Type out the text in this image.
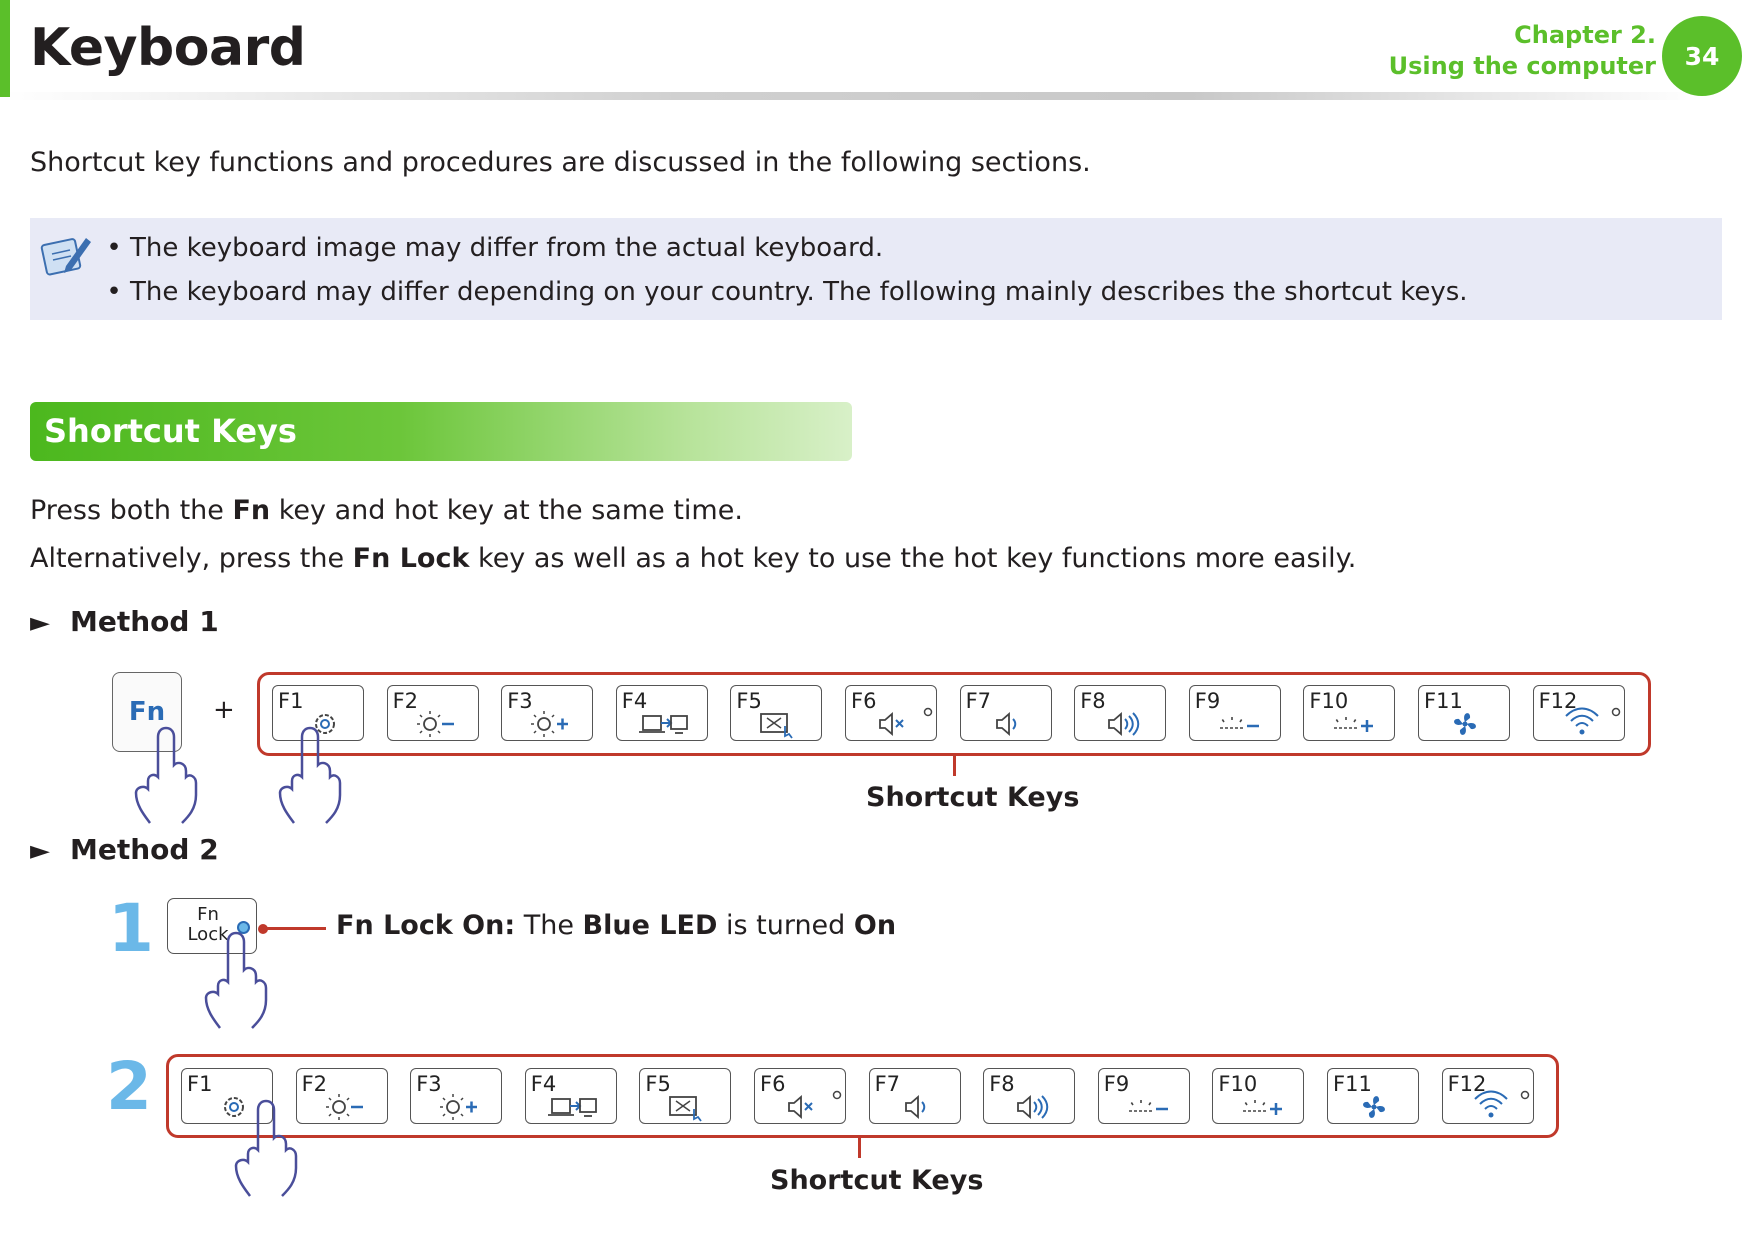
Keyboard	Chapter 2.
Using the computer	34
Shortcut key functions and procedures are discussed in the following sections.
• The keyboard image may differ from the actual keyboard.
• The keyboard may differ depending on your country. The following mainly describes the shortcut keys.
Shortcut Keys
Press both the Fn key and hot key at the same time.
Alternatively, press the Fn Lock key as well as a hot key to use the hot key functions more easily.
► Method 1
Fn	+ F1	F2	F3	F4	F5	F6	F7	F8	F9	F10	F11	F12
Shortcut Keys
► Method 2
1	Fn
Lock	Fn Lock On: The Blue LED is turned On
2 F1	F2	F3	F4	F5	F6	F7	F8	F9	F10	F11	F12
Shortcut Keys
